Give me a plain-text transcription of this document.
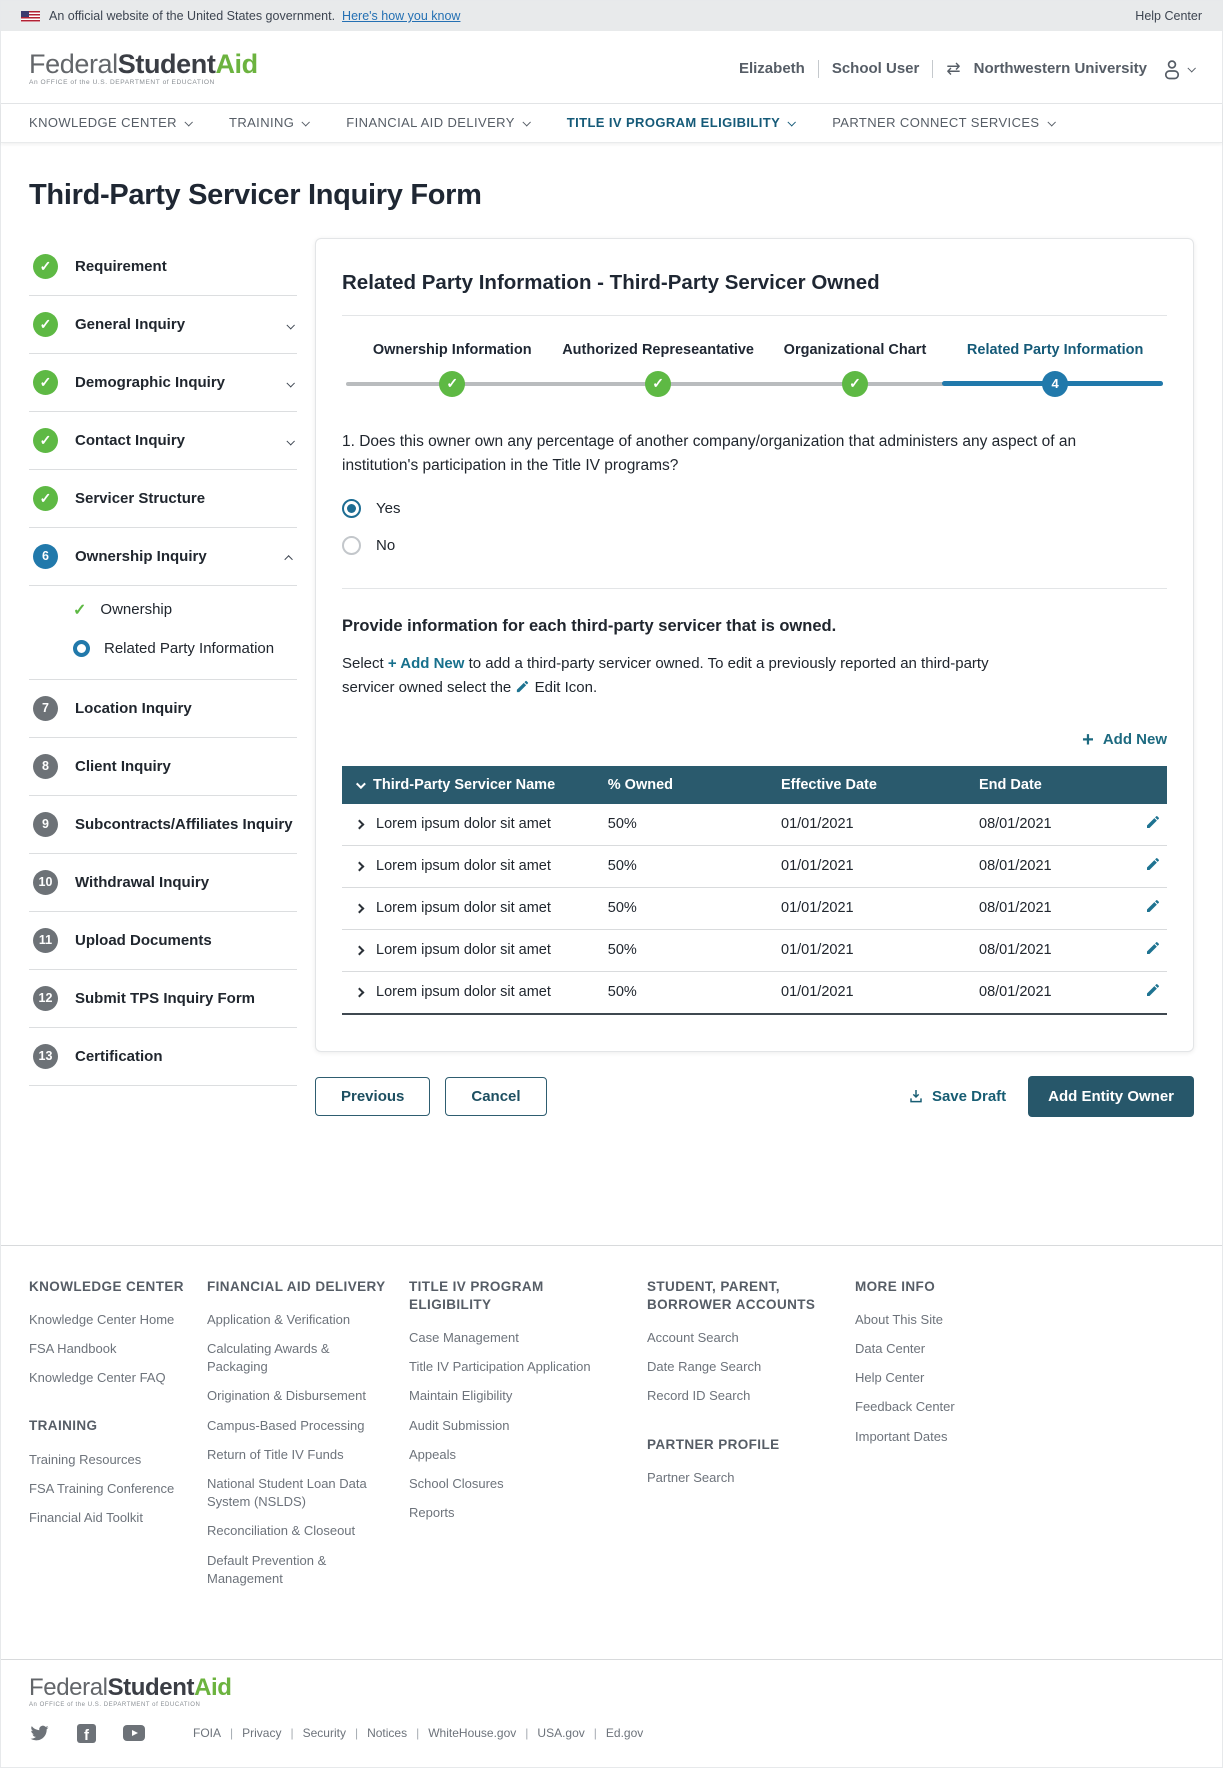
An official website of the United States government. Here's how you know	Help Center
FederalStudentAid
An OFFICE of the U.S. DEPARTMENT of EDUCATION
Elizabeth School User ⇄ Northwestern University
KNOWLEDGE CENTER	TRAINING	FINANCIAL AID DELIVERY	TITLE IV PROGRAM ELIGIBILITY	PARTNER CONNECT SERVICES
Third-Party Servicer Inquiry Form
✓ Requirement
✓ General Inquiry
✓ Demographic Inquiry
✓ Contact Inquiry
✓ Servicer Structure
6	Ownership Inquiry
✓ Ownership
Related Party Information
7	Location Inquiry
8	Client Inquiry
9	Subcontracts/Affiliates Inquiry
10	Withdrawal Inquiry
11	Upload Documents
12	Submit TPS Inquiry Form
13	Certification
Related Party Information - Third-Party Servicer Owned
Ownership Information Authorized Represeantative Organizational Chart	Related Party Information
✓	✓	✓	4

1. Does this owner own any percentage of another company/organization that administers any aspect of an institution's participation in the Title IV programs?

Yes
No

Provide information for each third-party servicer that is owned.

Select + Add New to add a third-party servicer owned. To edit a previously reported an third-party servicer owned select the Edit Icon.

+ Add New
Third-Party Servicer Name	% Owned	Effective Date	End Date	

Lorem ipsum dolor sit amet	50%	01/01/2021	08/01/2021	

Lorem ipsum dolor sit amet	50%	01/01/2021	08/01/2021	

Lorem ipsum dolor sit amet	50%	01/01/2021	08/01/2021	

Lorem ipsum dolor sit amet	50%	01/01/2021	08/01/2021	

Lorem ipsum dolor sit amet	50%	01/01/2021	08/01/2021	
Previous	Cancel	Save Draft	Add Entity Owner
KNOWLEDGE CENTER
Knowledge Center Home
FSA Handbook
Knowledge Center FAQ
TRAINING
Training Resources
FSA Training Conference
Financial Aid Toolkit
FINANCIAL AID DELIVERY
Application & Verification
Calculating Awards & Packaging
Origination & Disbursement
Campus-Based Processing
Return of Title IV Funds
National Student Loan Data System (NSLDS)
Reconciliation & Closeout
Default Prevention & Management
TITLE IV PROGRAM ELIGIBILITY
Case Management
Title IV Participation Application
Maintain Eligibility
Audit Submission
Appeals
School Closures
Reports
STUDENT, PARENT, BORROWER ACCOUNTS
Account Search
Date Range Search
Record ID Search
PARTNER PROFILE
Partner Search
MORE INFO
About This Site
Data Center
Help Center
Feedback Center
Important Dates
FederalStudentAid
An OFFICE of the U.S. DEPARTMENT of EDUCATION
f
FOIA | Privacy | Security | Notices | WhiteHouse.gov | USA.gov | Ed.gov
